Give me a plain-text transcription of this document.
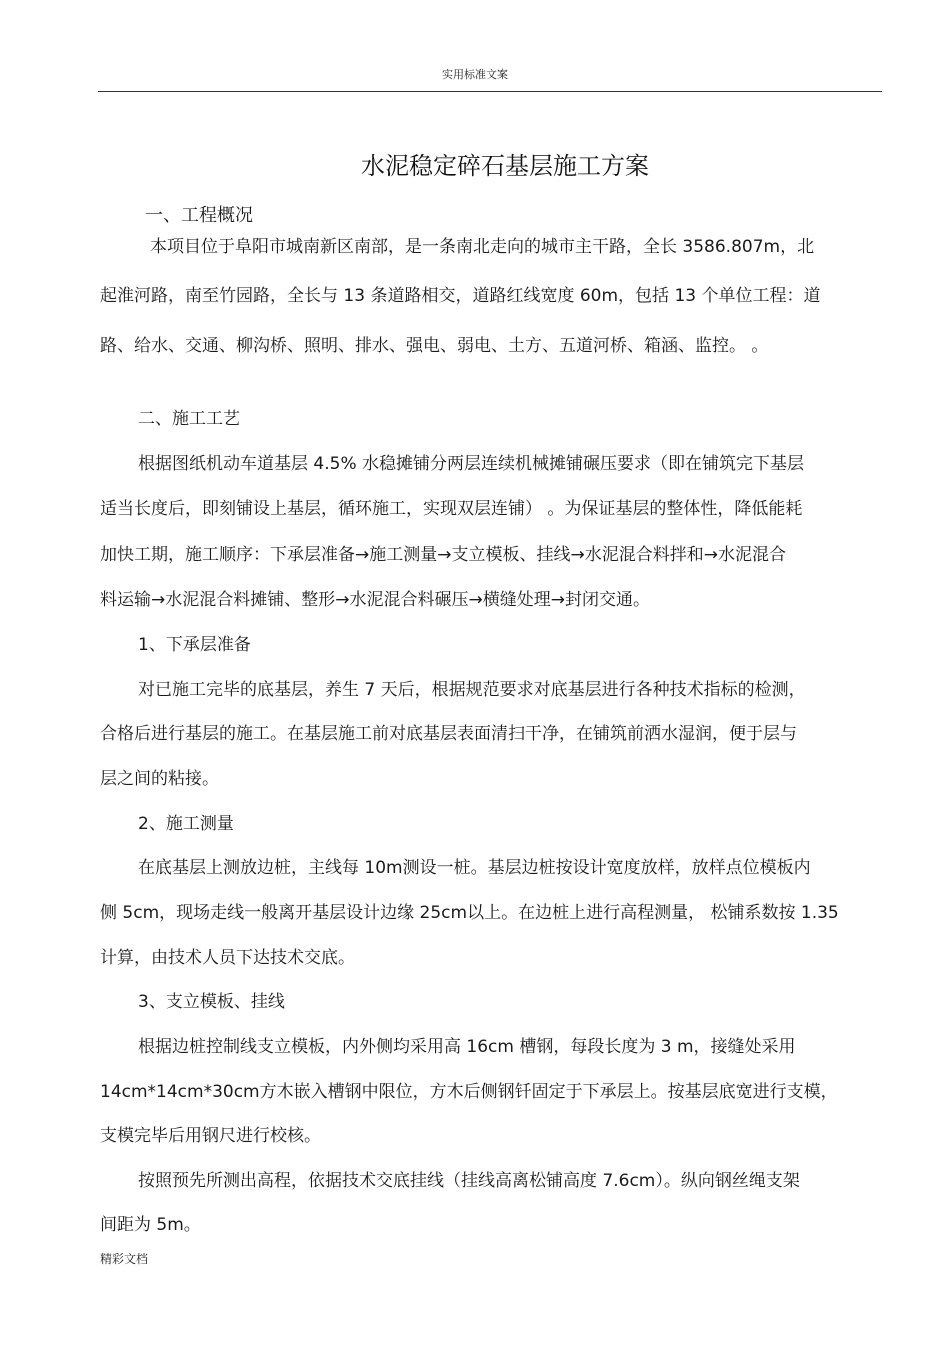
实用标准文案
水泥稳定碎石基层施工方案
一、工程概况
本项目位于阜阳市城南新区南部，是一条南北走向的城市主干路，全长 3586.807m，北
起淮河路，南至竹园路，全长与 13 条道路相交，道路红线宽度 60m，包括 13 个单位工程：道
路、给水、交通、柳沟桥、照明、排水、强电、弱电、土方、五道河桥、箱涵、监控。 。
二、施工工艺
根据图纸机动车道基层 4.5% 水稳摊铺分两层连续机械摊铺碾压要求（即在铺筑完下基层
适当长度后，即刻铺设上基层，循环施工，实现双层连铺） 。为保证基层的整体性，降低能耗
加快工期，施工顺序：下承层准备→施工测量→支立模板、挂线→水泥混合料拌和→水泥混合
料运输→水泥混合料摊铺、整形→水泥混合料碾压→横缝处理→封闭交通。
1、下承层准备
对已施工完毕的底基层，养生 7 天后，根据规范要求对底基层进行各种技术指标的检测，
合格后进行基层的施工。在基层施工前对底基层表面清扫干净，在铺筑前洒水湿润，便于层与
层之间的粘接。
2、施工测量
在底基层上测放边桩，主线每 10m测设一桩。基层边桩按设计宽度放样，放样点位模板内
侧 5cm，现场走线一般离开基层设计边缘 25cm以上。在边桩上进行高程测量， 松铺系数按 1.35
计算，由技术人员下达技术交底。
3、支立模板、挂线
根据边桩控制线支立模板，内外侧均采用高 16cm 槽钢，每段长度为 3 m，接缝处采用
14cm*14cm*30cm方木嵌入槽钢中限位，方木后侧钢钎固定于下承层上。按基层底宽进行支模，
支模完毕后用钢尺进行校核。
按照预先所测出高程，依据技术交底挂线（挂线高离松铺高度 7.6cm）。纵向钢丝绳支架
间距为 5m。
精彩文档
